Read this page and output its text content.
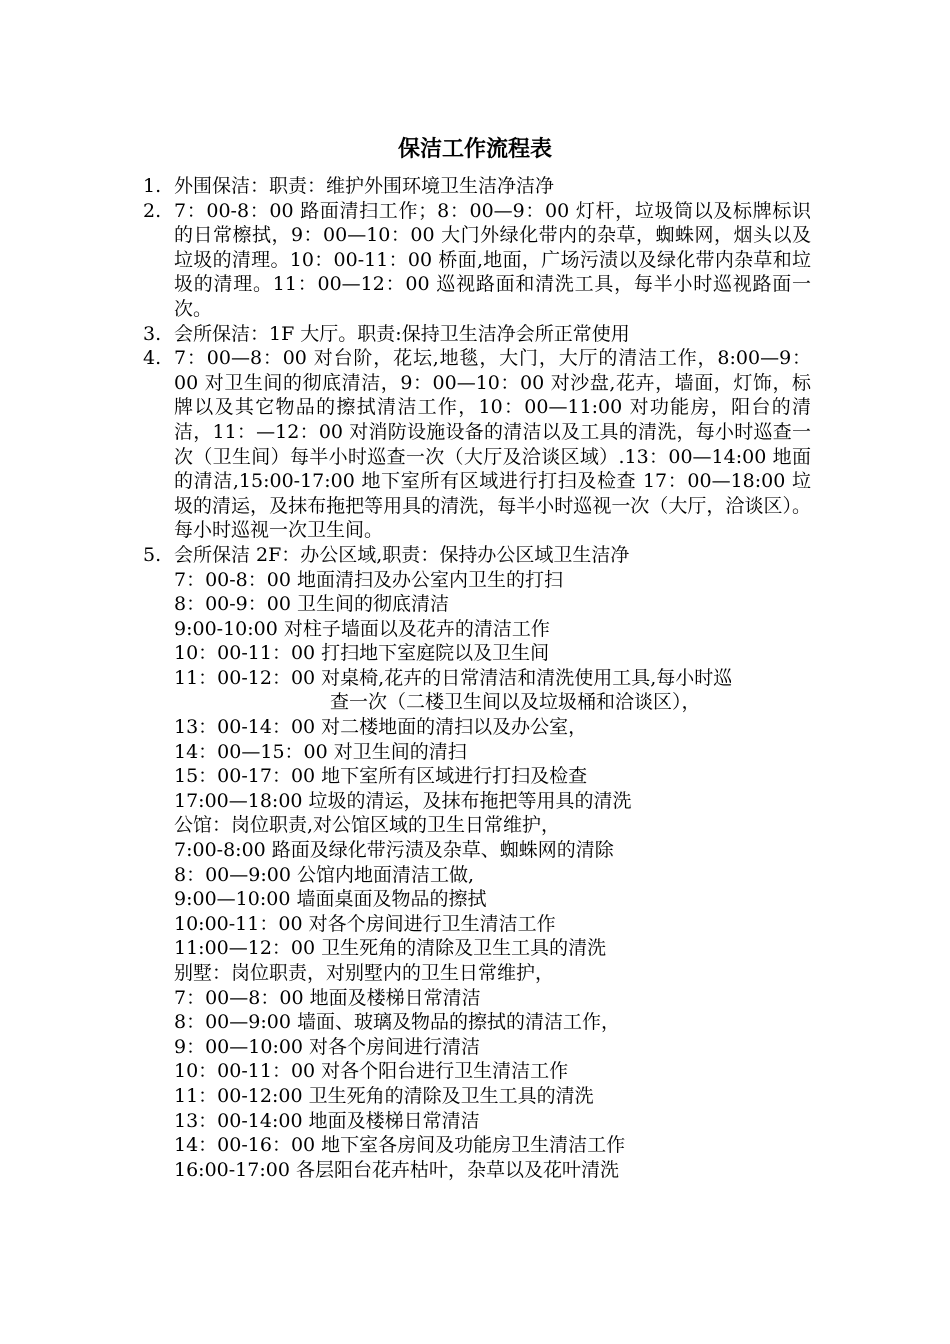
保洁工作流程表
1. 外围保洁：职责：维护外围环境卫生洁净洁净
2. 7：00-8：00 路面清扫工作；8：00—9：00 灯杆，垃圾筒以及标牌标识的日常檫拭，9：00—10：00 大门外绿化带内的杂草，蜘蛛网，烟头以及垃圾的清理。10：00-11：00 桥面,地面，广场污渍以及绿化带内杂草和垃圾的清理。11：00—12：00 巡视路面和清洗工具，每半小时巡视路面一次。
3. 会所保洁：1F 大厅。职责:保持卫生洁净会所正常使用
4. 7：00—8：00 对台阶，花坛,地毯，大门，大厅的清洁工作，8:00—9：00 对卫生间的彻底清洁，9：00—10：00 对沙盘,花卉，墙面，灯饰，标牌以及其它物品的擦拭清洁工作，10：00—11:00 对功能房，阳台的清洁，11：—12：00 对消防设施设备的清洁以及工具的清洗，每小时巡查一次（卫生间）每半小时巡查一次（大厅及洽谈区域）.13：00—14:00 地面的清洁,15:00-17:00 地下室所有区域进行打扫及检查 17：00—18:00 垃圾的清运，及抹布拖把等用具的清洗，每半小时巡视一次（大厅，洽谈区）。每小时巡视一次卫生间。
5. 会所保洁 2F：办公区域,职责：保持办公区域卫生洁净
7：00-8：00 地面清扫及办公室内卫生的打扫
8：00-9：00 卫生间的彻底清洁
9:00-10:00 对柱子墙面以及花卉的清洁工作
10：00-11：00 打扫地下室庭院以及卫生间
11：00-12：00 对桌椅,花卉的日常清洁和清洗使用工具,每小时巡
查一次（二楼卫生间以及垃圾桶和洽谈区），
13：00-14：00 对二楼地面的清扫以及办公室，
14：00—15：00 对卫生间的清扫
15：00-17：00 地下室所有区域进行打扫及检查
17:00—18:00 垃圾的清运，及抹布拖把等用具的清洗
公馆：岗位职责,对公馆区域的卫生日常维护，
7:00-8:00 路面及绿化带污渍及杂草、蜘蛛网的清除
8：00—9:00 公馆内地面清洁工做,
9:00—10:00 墙面桌面及物品的擦拭
10:00-11：00 对各个房间进行卫生清洁工作
11:00—12：00 卫生死角的清除及卫生工具的清洗
别墅：岗位职责，对别墅内的卫生日常维护，
7：00—8：00 地面及楼梯日常清洁
8：00—9:00 墙面、玻璃及物品的擦拭的清洁工作，
9：00—10:00 对各个房间进行清洁
10：00-11：00 对各个阳台进行卫生清洁工作
11：00-12:00 卫生死角的清除及卫生工具的清洗
13：00-14:00 地面及楼梯日常清洁
14：00-16：00 地下室各房间及功能房卫生清洁工作
16:00-17:00 各层阳台花卉枯叶，杂草以及花叶清洗
